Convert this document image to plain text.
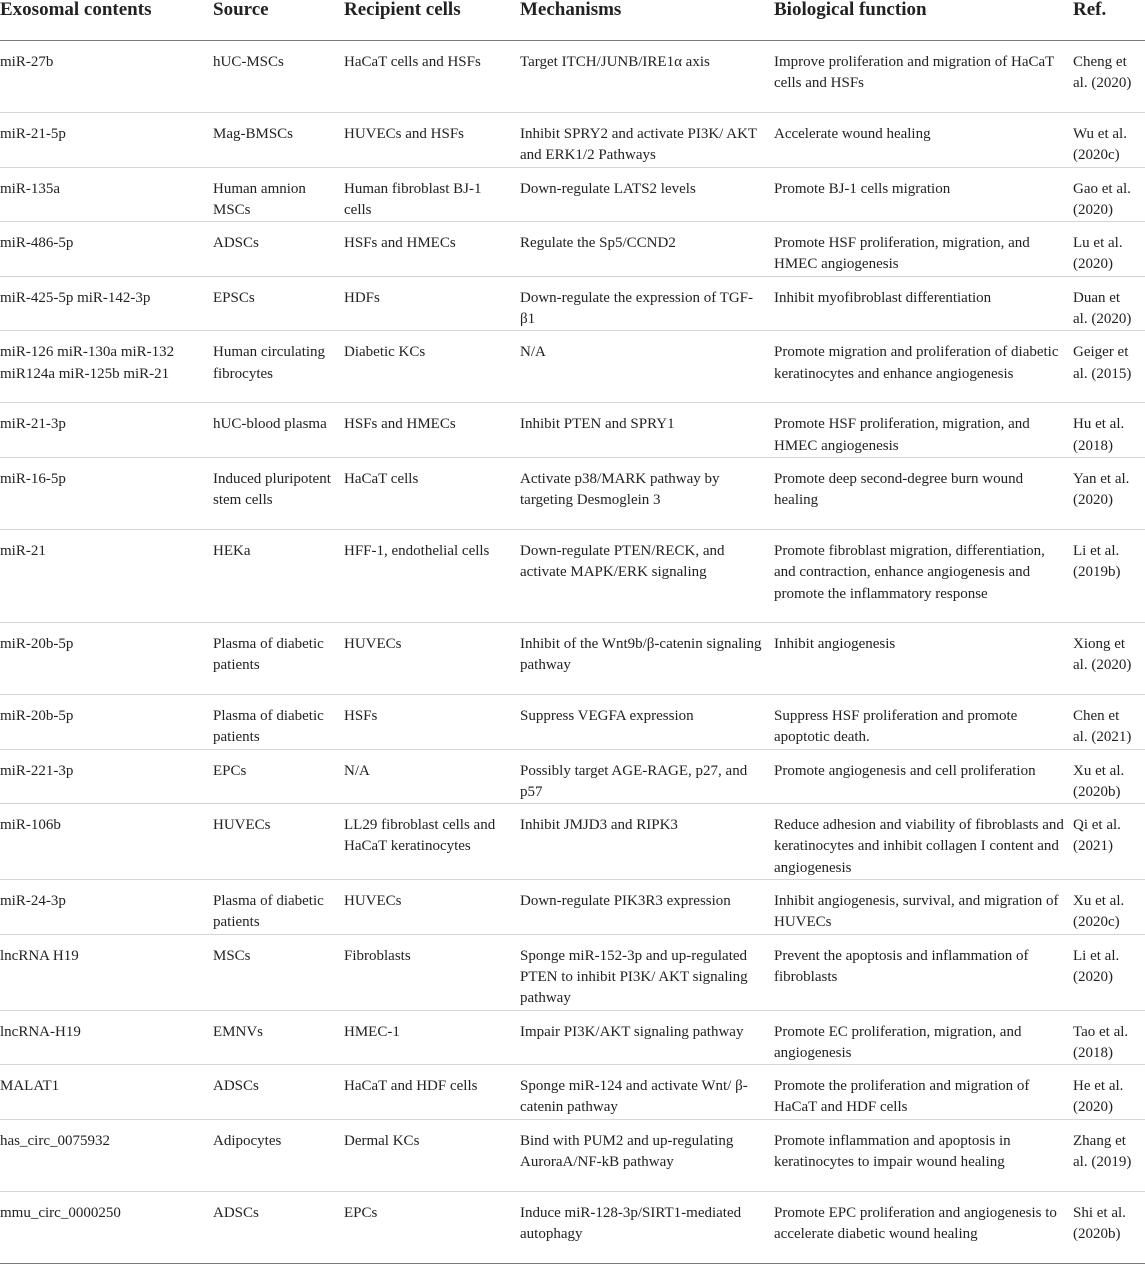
Exosomal contents	Source	Recipient cells	Mechanisms	Biological function	Ref.
miR-27b	hUC-MSCs	HaCaT cells and HSFs	Target ITCH/JUNB/IRE1α axis	Improve proliferation and migration of HaCaT cells and HSFs	Cheng et al. (2020)
miR-21-5p	Mag-BMSCs	HUVECs and HSFs	Inhibit SPRY2 and activate PI3K/ AKT and ERK1/2 Pathways	Accelerate wound healing	Wu et al. (2020c)
miR-135a	Human amnion MSCs	Human fibroblast BJ-1 cells	Down-regulate LATS2 levels	Promote BJ-1 cells migration	Gao et al. (2020)
miR-486-5p	ADSCs	HSFs and HMECs	Regulate the Sp5/CCND2	Promote HSF proliferation, migration, and HMEC angiogenesis	Lu et al. (2020)
miR-425-5p miR-142-3p	EPSCs	HDFs	Down-regulate the expression of TGF-β1	Inhibit myofibroblast differentiation	Duan et al. (2020)
miR-126 miR-130a miR-132 miR124a miR-125b miR-21	Human circulating fibrocytes	Diabetic KCs	N/A	Promote migration and proliferation of diabetic keratinocytes and enhance angiogenesis	Geiger et al. (2015)
miR-21-3p	hUC-blood plasma	HSFs and HMECs	Inhibit PTEN and SPRY1	Promote HSF proliferation, migration, and HMEC angiogenesis	Hu et al. (2018)
miR-16-5p	Induced pluripotent stem cells	HaCaT cells	Activate p38/MARK pathway by targeting Desmoglein 3	Promote deep second-degree burn wound healing	Yan et al. (2020)
miR-21	HEKa	HFF-1, endothelial cells	Down-regulate PTEN/RECK, and activate MAPK/ERK signaling	Promote fibroblast migration, differentiation, and contraction, enhance angiogenesis and promote the inflammatory response	Li et al. (2019b)
miR-20b-5p	Plasma of diabetic patients	HUVECs	Inhibit of the Wnt9b/β-catenin signaling pathway	Inhibit angiogenesis	Xiong et al. (2020)
miR-20b-5p	Plasma of diabetic patients	HSFs	Suppress VEGFA expression	Suppress HSF proliferation and promote apoptotic death.	Chen et al. (2021)
miR-221-3p	EPCs	N/A	Possibly target AGE-RAGE, p27, and p57	Promote angiogenesis and cell proliferation	Xu et al. (2020b)
miR-106b	HUVECs	LL29 fibroblast cells and HaCaT keratinocytes	Inhibit JMJD3 and RIPK3	Reduce adhesion and viability of fibroblasts and keratinocytes and inhibit collagen I content and angiogenesis	Qi et al. (2021)
miR-24-3p	Plasma of diabetic patients	HUVECs	Down-regulate PIK3R3 expression	Inhibit angiogenesis, survival, and migration of HUVECs	Xu et al. (2020c)
lncRNA H19	MSCs	Fibroblasts	Sponge miR-152-3p and up-regulated PTEN to inhibit PI3K/ AKT signaling pathway	Prevent the apoptosis and inflammation of fibroblasts	Li et al. (2020)
lncRNA-H19	EMNVs	HMEC-1	Impair PI3K/AKT signaling pathway	Promote EC proliferation, migration, and angiogenesis	Tao et al. (2018)
MALAT1	ADSCs	HaCaT and HDF cells	Sponge miR-124 and activate Wnt/ β-catenin pathway	Promote the proliferation and migration of HaCaT and HDF cells	He et al. (2020)
has_circ_0075932	Adipocytes	Dermal KCs	Bind with PUM2 and up-regulating AuroraA/NF-kB pathway	Promote inflammation and apoptosis in keratinocytes to impair wound healing	Zhang et al. (2019)
mmu_circ_0000250	ADSCs	EPCs	Induce miR-128-3p/SIRT1-mediated autophagy	Promote EPC proliferation and angiogenesis to accelerate diabetic wound healing	Shi et al. (2020b)
